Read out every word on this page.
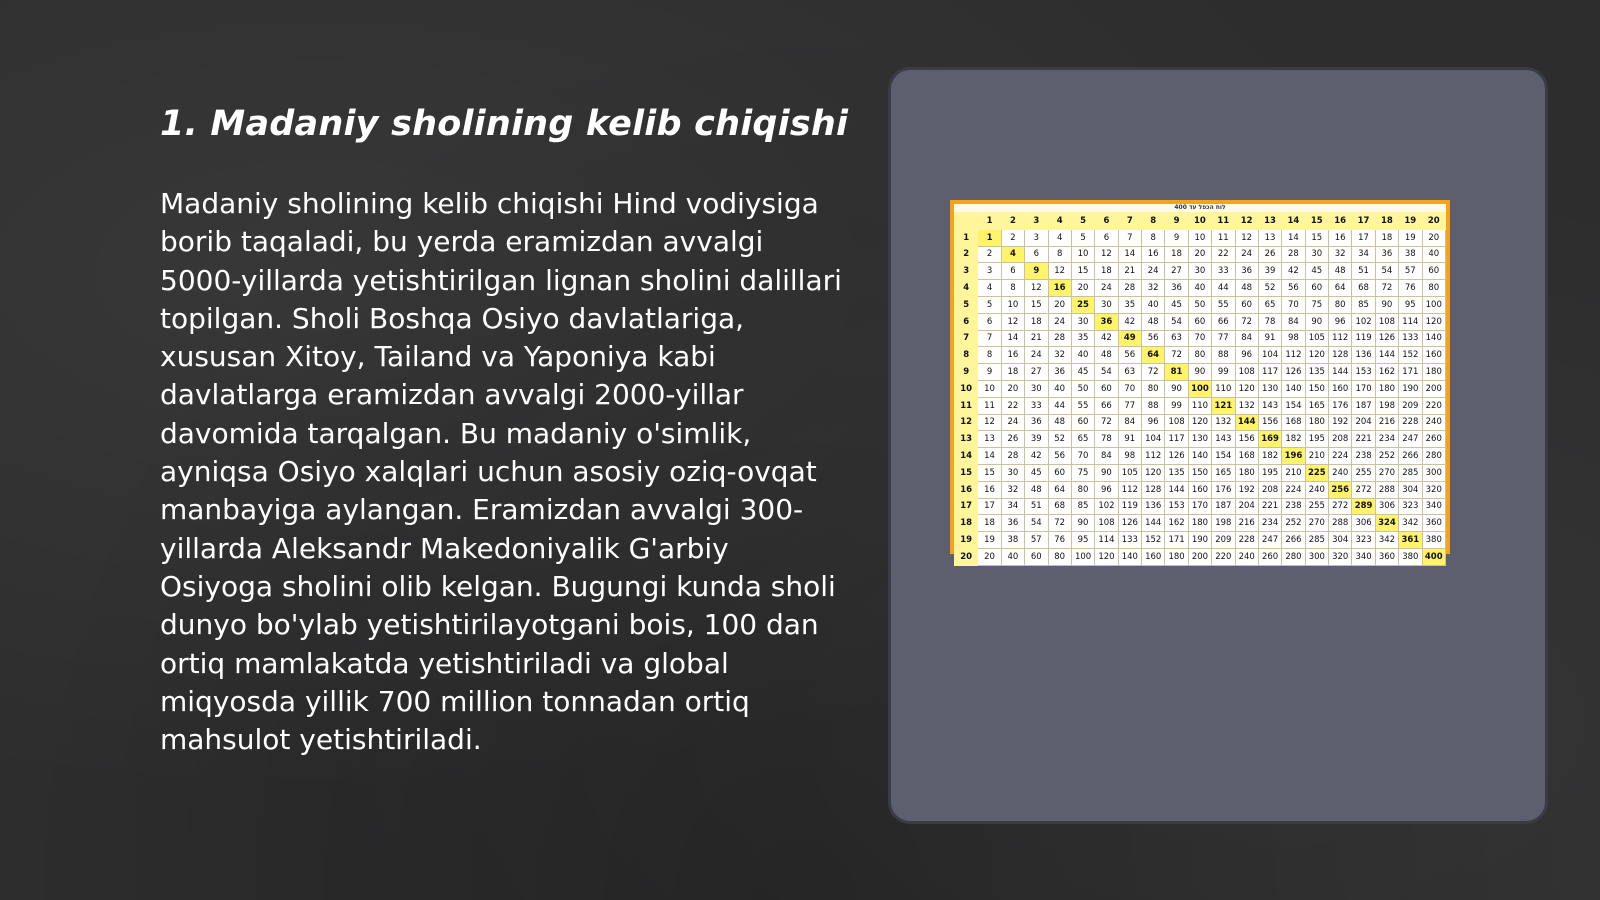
1. Madaniy sholining kelib chiqishi

Madaniy sholining kelib chiqishi Hind vodiysiga borib taqaladi, bu yerda eramizdan avvalgi 5000-yillarda yetishtirilgan lignan sholini dalillari topilgan. Sholi Boshqa Osiyo davlatlariga, xususan Xitoy, Tailand va Yaponiya kabi davlatlarga eramizdan avvalgi 2000-yillar davomida tarqalgan. Bu madaniy o'simlik, ayniqsa Osiyo xalqlari uchun asosiy oziq-ovqat manbayiga aylangan. Eramizdan avvalgi 300-yillarda Aleksandr Makedoniyalik G'arbiy Osiyoga sholini olib kelgan. Bugungi kunda sholi dunyo bo'ylab yetishtirilayotgani bois, 100 dan ortiq mamlakatda yetishtiriladi va global miqyosda yillik 700 million tonnadan ortiq mahsulot yetishtiriladi.

לוח הכפל עד 400
	1	2	3	4	5	6	7	8	9	10	11	12	13	14	15	16	17	18	19	20
1	1	2	3	4	5	6	7	8	9	10	11	12	13	14	15	16	17	18	19	20
2	2	4	6	8	10	12	14	16	18	20	22	24	26	28	30	32	34	36	38	40
3	3	6	9	12	15	18	21	24	27	30	33	36	39	42	45	48	51	54	57	60
4	4	8	12	16	20	24	28	32	36	40	44	48	52	56	60	64	68	72	76	80
5	5	10	15	20	25	30	35	40	45	50	55	60	65	70	75	80	85	90	95	100
6	6	12	18	24	30	36	42	48	54	60	66	72	78	84	90	96	102	108	114	120
7	7	14	21	28	35	42	49	56	63	70	77	84	91	98	105	112	119	126	133	140
8	8	16	24	32	40	48	56	64	72	80	88	96	104	112	120	128	136	144	152	160
9	9	18	27	36	45	54	63	72	81	90	99	108	117	126	135	144	153	162	171	180
10	10	20	30	40	50	60	70	80	90	100	110	120	130	140	150	160	170	180	190	200
11	11	22	33	44	55	66	77	88	99	110	121	132	143	154	165	176	187	198	209	220
12	12	24	36	48	60	72	84	96	108	120	132	144	156	168	180	192	204	216	228	240
13	13	26	39	52	65	78	91	104	117	130	143	156	169	182	195	208	221	234	247	260
14	14	28	42	56	70	84	98	112	126	140	154	168	182	196	210	224	238	252	266	280
15	15	30	45	60	75	90	105	120	135	150	165	180	195	210	225	240	255	270	285	300
16	16	32	48	64	80	96	112	128	144	160	176	192	208	224	240	256	272	288	304	320
17	17	34	51	68	85	102	119	136	153	170	187	204	221	238	255	272	289	306	323	340
18	18	36	54	72	90	108	126	144	162	180	198	216	234	252	270	288	306	324	342	360
19	19	38	57	76	95	114	133	152	171	190	209	228	247	266	285	304	323	342	361	380
20	20	40	60	80	100	120	140	160	180	200	220	240	260	280	300	320	340	360	380	400
